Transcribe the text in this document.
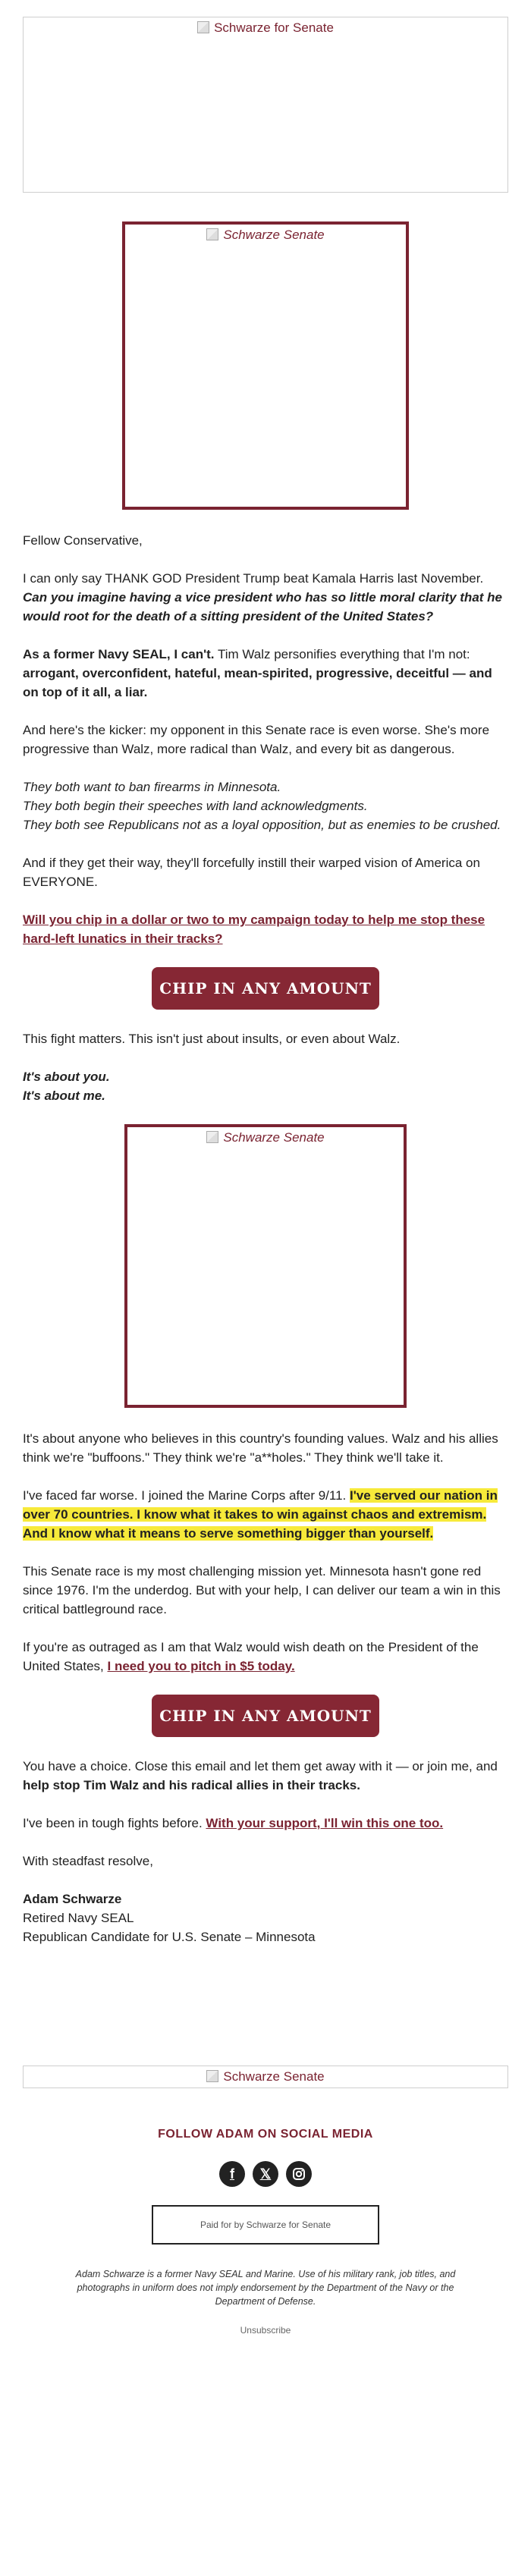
Schwarze for Senate
Schwarze Senate

Fellow Conservative,

I can only say THANK GOD President Trump beat Kamala Harris last November. Can you imagine having a vice president who has so little moral clarity that he would root for the death of a sitting president of the United States?

As a former Navy SEAL, I can't. Tim Walz personifies everything that I'm not: arrogant, overconfident, hateful, mean-spirited, progressive, deceitful — and on top of it all, a liar.

And here's the kicker: my opponent in this Senate race is even worse. She's more progressive than Walz, more radical than Walz, and every bit as dangerous.

They both want to ban firearms in Minnesota.
They both begin their speeches with land acknowledgments.
They both see Republicans not as a loyal opposition, but as enemies to be crushed.

And if they get their way, they'll forcefully instill their warped vision of America on EVERYONE.

Will you chip in a dollar or two to my campaign today to help me stop these hard-left lunatics in their tracks?

CHIP IN ANY AMOUNT

This fight matters. This isn't just about insults, or even about Walz.

It's about you.
It's about me.

Schwarze Senate

It's about anyone who believes in this country's founding values. Walz and his allies think we're "buffoons." They think we're "a**holes." They think we'll take it.

I've faced far worse. I joined the Marine Corps after 9/11. I've served our nation in over 70 countries. I know what it takes to win against chaos and extremism. And I know what it means to serve something bigger than yourself.

This Senate race is my most challenging mission yet. Minnesota hasn't gone red since 1976. I'm the underdog. But with your help, I can deliver our team a win in this critical battleground race.

If you're as outraged as I am that Walz would wish death on the President of the United States, I need you to pitch in $5 today.

CHIP IN ANY AMOUNT

You have a choice. Close this email and let them get away with it — or join me, and help stop Tim Walz and his radical allies in their tracks.

I've been in tough fights before. With your support, I'll win this one too.

With steadfast resolve,

Adam Schwarze
Retired Navy SEAL
Republican Candidate for U.S. Senate – Minnesota

Schwarze Senate
FOLLOW ADAM ON SOCIAL MEDIA
f	𝕏
Paid for by Schwarze for Senate
Adam Schwarze is a former Navy SEAL and Marine. Use of his military rank, job titles, and photographs in uniform does not imply endorsement by the Department of the Navy or the Department of Defense.
Unsubscribe
